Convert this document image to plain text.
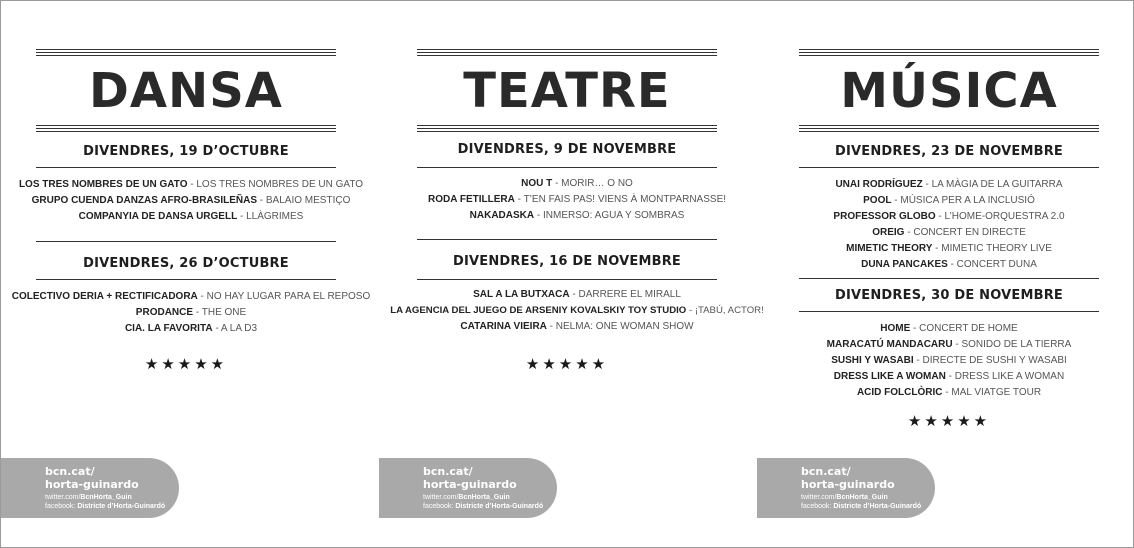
DANSA
DIVENDRES, 19 D’OCTUBRE
LOS TRES NOMBRES DE UN GATO - LOS TRES NOMBRES DE UN GATO
GRUPO CUENDA DANZAS AFRO-BRASILEÑAS - BALAIO MESTIÇO
COMPANYIA DE DANSA URGELL - LLÀGRIMES
DIVENDRES, 26 D’OCTUBRE
COLECTIVO DERIA + RECTIFICADORA - NO HAY LUGAR PARA EL REPOSO
PRODANCE - THE ONE
CIA. LA FAVORITA - A LA D3
★★★★★
bcn.cat/
horta-guinardo
twitter.com/BcnHorta_Guin
facebook: Districte d’Horta-Guinardó
TEATRE
DIVENDRES, 9 DE NOVEMBRE
NOU T - MORIR… O NO
RODA FETILLERA - T’EN FAIS PAS! VIENS À MONTPARNASSE!
NAKADASKA - INMERSO: AGUA Y SOMBRAS
DIVENDRES, 16 DE NOVEMBRE
SAL A LA BUTXACA - DARRERE EL MIRALL
LA AGENCIA DEL JUEGO DE ARSENIY KOVALSKIY TOY STUDIO - ¡TABÚ, ACTOR!
CATARINA VIEIRA - NELMA: ONE WOMAN SHOW
★★★★★
bcn.cat/
horta-guinardo
twitter.com/BcnHorta_Guin
facebook: Districte d’Horta-Guinardó
MÚSICA
DIVENDRES, 23 DE NOVEMBRE
UNAI RODRÍGUEZ - LA MÀGIA DE LA GUITARRA
POOL - MÚSICA PER A LA INCLUSIÓ
PROFESSOR GLOBO - L’HOME-ORQUESTRA 2.0
OREIG - CONCERT EN DIRECTE
MIMETIC THEORY - MIMETIC THEORY LIVE
DUNA PANCAKES - CONCERT DUNA
DIVENDRES, 30 DE NOVEMBRE
HOME - CONCERT DE HOME
MARACATÚ MANDACARU - SONIDO DE LA TIERRA
SUSHI Y WASABI - DIRECTE DE SUSHI Y WASABI
DRESS LIKE A WOMAN - DRESS LIKE A WOMAN
ACID FOLCLÒRIC - MAL VIATGE TOUR
★★★★★
bcn.cat/
horta-guinardo
twitter.com/BcnHorta_Guin
facebook: Districte d’Horta-Guinardó
